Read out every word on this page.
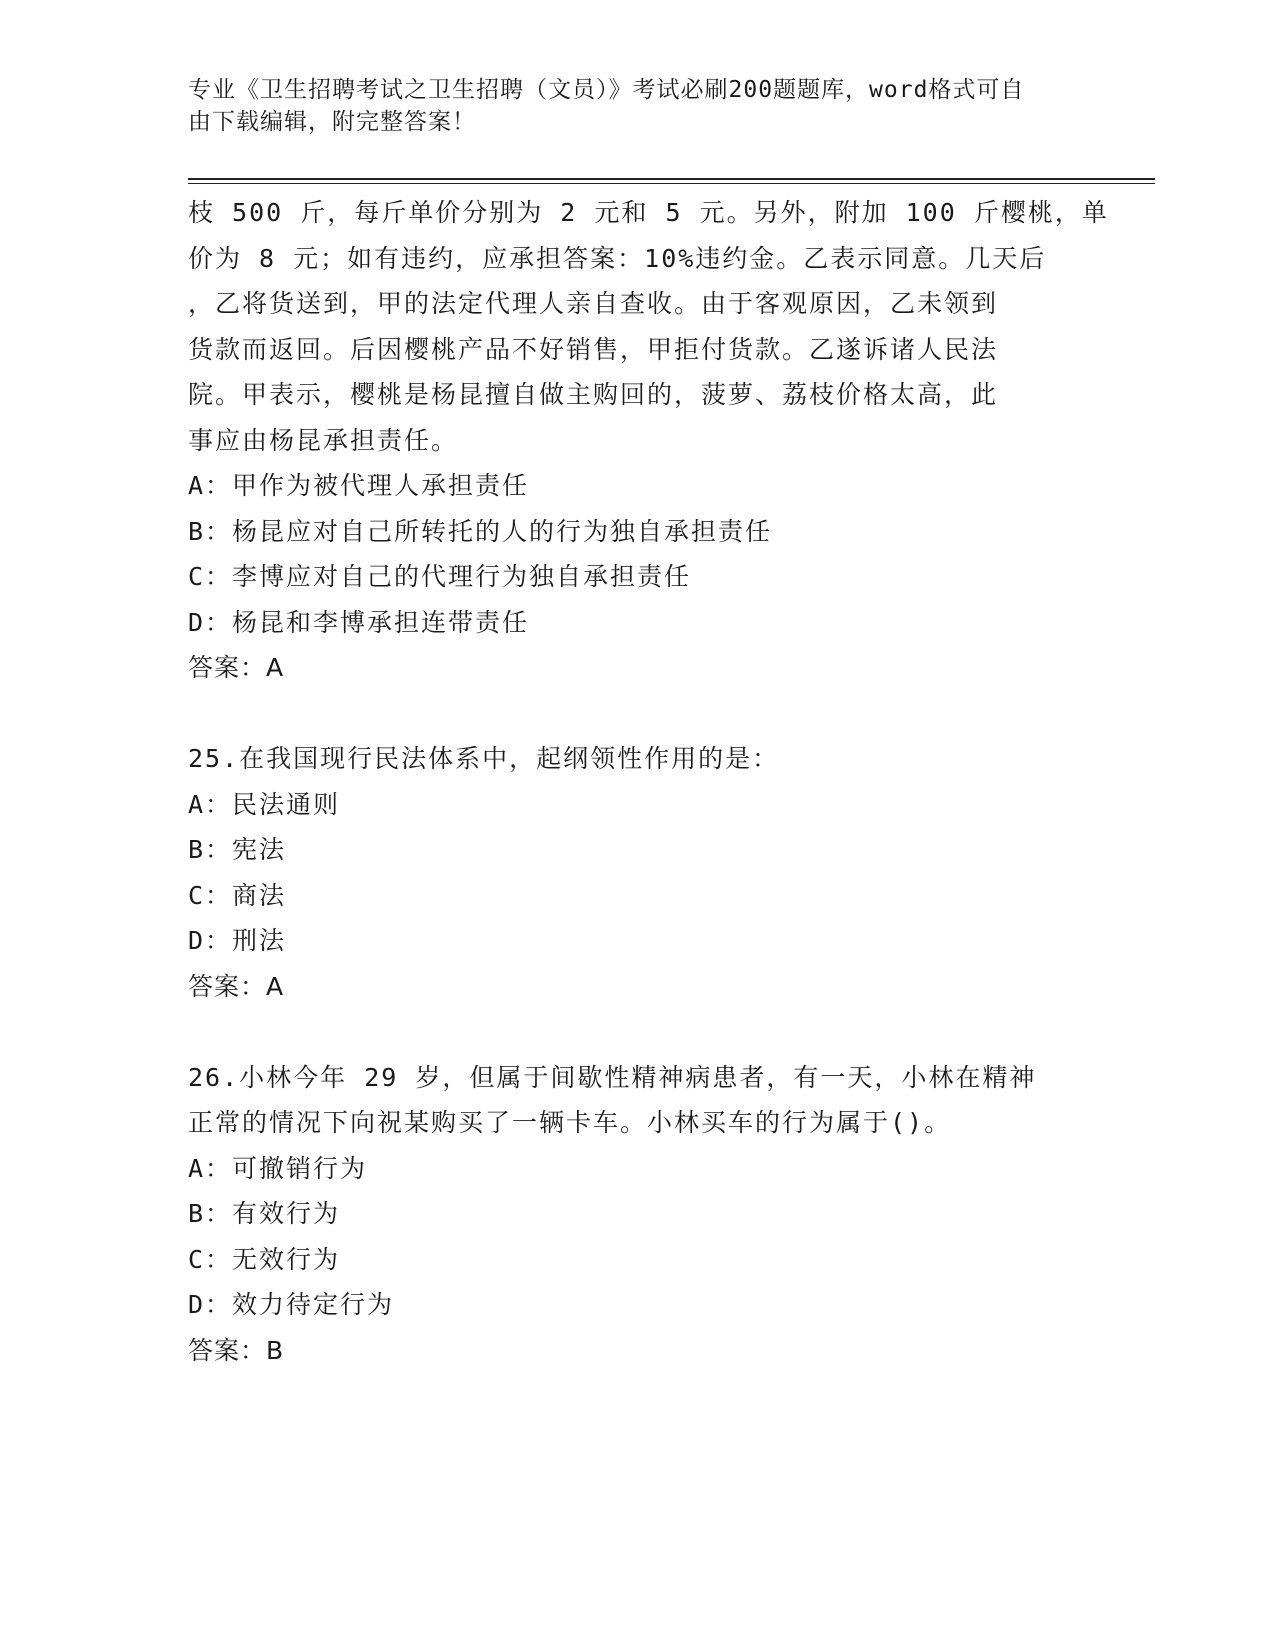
专业《卫生招聘考试之卫生招聘（文员）》考试必刷200题题库，word格式可自
由下载编辑，附完整答案！
枝 500 斤，每斤单价分别为 2 元和 5 元。另外，附加 100 斤樱桃，单
价为 8 元；如有违约，应承担答案：10%违约金。乙表示同意。几天后
，乙将货送到，甲的法定代理人亲自查收。由于客观原因，乙未领到
货款而返回。后因樱桃产品不好销售，甲拒付货款。乙遂诉诸人民法
院。甲表示，樱桃是杨昆擅自做主购回的，菠萝、荔枝价格太高，此
事应由杨昆承担责任。
A：甲作为被代理人承担责任
B：杨昆应对自己所转托的人的行为独自承担责任
C：李博应对自己的代理行为独自承担责任
D：杨昆和李博承担连带责任
答案：A
25.在我国现行民法体系中，起纲领性作用的是：
A：民法通则
B：宪法
C：商法
D：刑法
答案：A
26.小林今年 29 岁，但属于间歇性精神病患者，有一天，小林在精神
正常的情况下向祝某购买了一辆卡车。小林买车的行为属于()。
A：可撤销行为
B：有效行为
C：无效行为
D：效力待定行为
答案：B
